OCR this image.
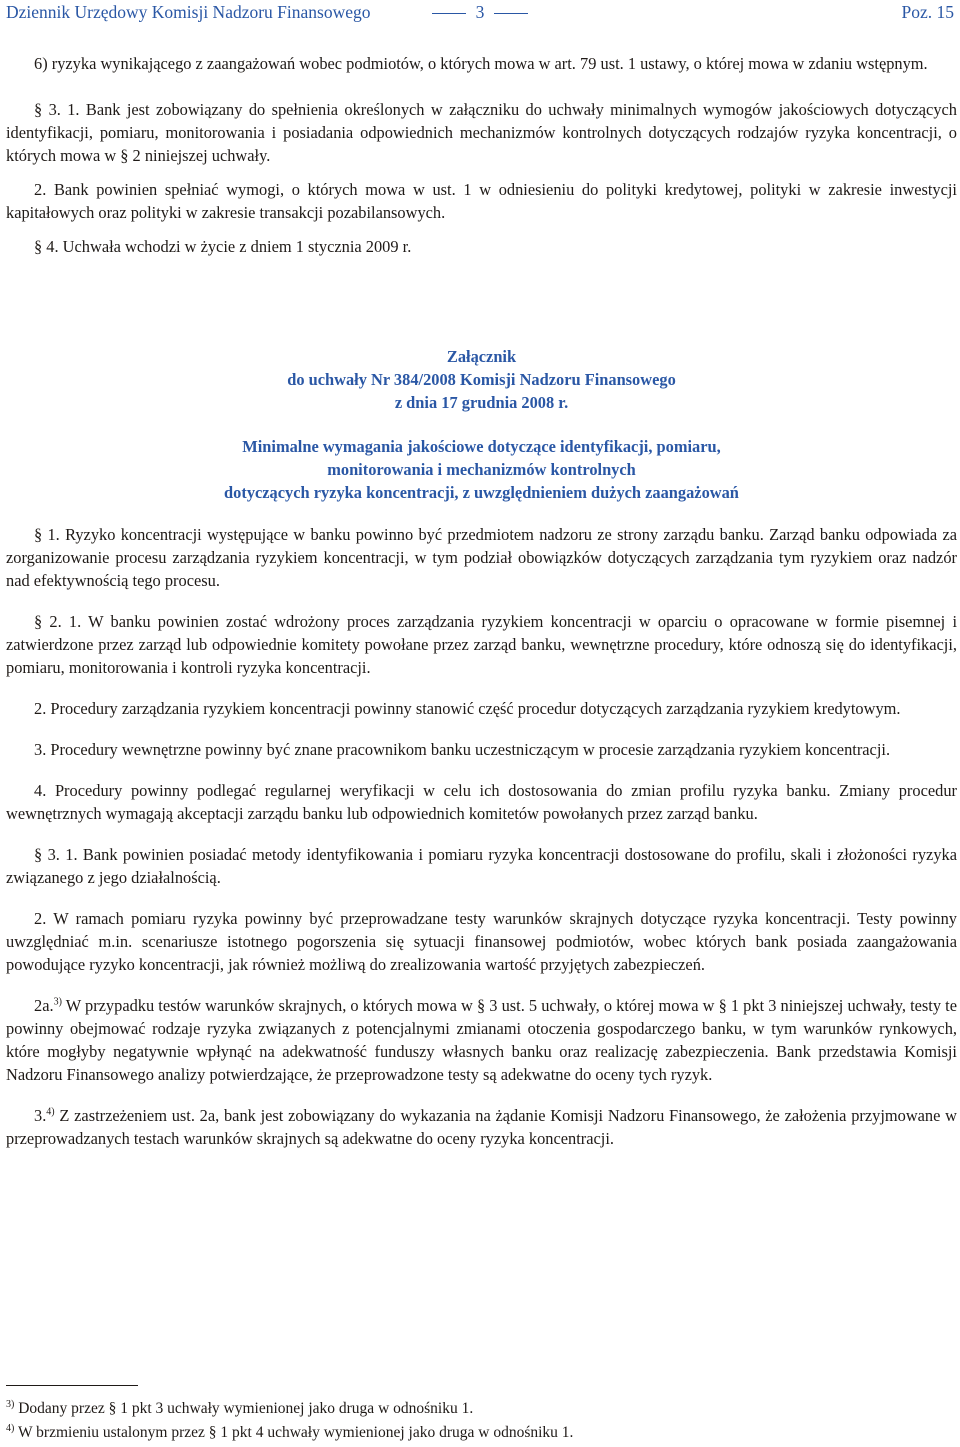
Dziennik Urzędowy Komisji Nadzoru Finansowego	3	Poz. 15

6) ryzyka wynikającego z zaangażowań wobec podmiotów, o których mowa w art. 79 ust. 1 ustawy, o której mowa w zdaniu wstępnym.

§ 3. 1. Bank jest zobowiązany do spełnienia określonych w załączniku do uchwały minimalnych wymogów jakościowych dotyczących identyfikacji, pomiaru, monitorowania i posiadania odpowiednich mechanizmów kontrolnych dotyczących rodzajów ryzyka koncentracji, o których mowa w § 2 niniejszej uchwały.

2. Bank powinien spełniać wymogi, o których mowa w ust. 1 w odniesieniu do polityki kredytowej, polityki w zakresie inwestycji kapitałowych oraz polityki w zakresie transakcji pozabilansowych.

§ 4. Uchwała wchodzi w życie z dniem 1 stycznia 2009 r.

Załącznik

do uchwały Nr 384/2008 Komisji Nadzoru Finansowego

z dnia 17 grudnia 2008 r.

Minimalne wymagania jakościowe dotyczące identyfikacji, pomiaru,

monitorowania i mechanizmów kontrolnych

dotyczących ryzyka koncentracji, z uwzględnieniem dużych zaangażowań

§ 1. Ryzyko koncentracji występujące w banku powinno być przedmiotem nadzoru ze strony zarządu banku. Zarząd banku odpowiada za zorganizowanie procesu zarządzania ryzykiem koncentracji, w tym podział obowiązków dotyczących zarządzania tym ryzykiem oraz nadzór nad efektywnością tego procesu.

§ 2. 1. W banku powinien zostać wdrożony proces zarządzania ryzykiem koncentracji w oparciu o opracowane w formie pisemnej i zatwierdzone przez zarząd lub odpowiednie komitety powołane przez zarząd banku, wewnętrzne procedury, które odnoszą się do identyfikacji, pomiaru, monitorowania i kontroli ryzyka koncentracji.

2. Procedury zarządzania ryzykiem koncentracji powinny stanowić część procedur dotyczących zarządzania ryzykiem kredytowym.

3. Procedury wewnętrzne powinny być znane pracownikom banku uczestniczącym w procesie zarządzania ryzykiem koncentracji.

4. Procedury powinny podlegać regularnej weryfikacji w celu ich dostosowania do zmian profilu ryzyka banku. Zmiany procedur wewnętrznych wymagają akceptacji zarządu banku lub odpowiednich komitetów powołanych przez zarząd banku.

§ 3. 1. Bank powinien posiadać metody identyfikowania i pomiaru ryzyka koncentracji dostosowane do profilu, skali i złożoności ryzyka związanego z jego działalnością.

2. W ramach pomiaru ryzyka powinny być przeprowadzane testy warunków skrajnych dotyczące ryzyka koncentracji. Testy powinny uwzględniać m.in. scenariusze istotnego pogorszenia się sytuacji finansowej podmiotów, wobec których bank posiada zaangażowania powodujące ryzyko koncentracji, jak również możliwą do zrealizowania wartość przyjętych zabezpieczeń.

2a.$^{3)}$ W przypadku testów warunków skrajnych, o których mowa w § 3 ust. 5 uchwały, o której mowa w § 1 pkt 3 niniejszej uchwały, testy te powinny obejmować rodzaje ryzyka związanych z potencjalnymi zmianami otoczenia gospodarczego banku, w tym warunków rynkowych, które mogłyby negatywnie wpłynąć na adekwatność funduszy własnych banku oraz realizację zabezpieczenia. Bank przedstawia Komisji Nadzoru Finansowego analizy potwierdzające, że przeprowadzone testy są adekwatne do oceny tych ryzyk.

3.$^{4)}$ Z zastrzeżeniem ust. 2a, bank jest zobowiązany do wykazania na żądanie Komisji Nadzoru Finansowego, że założenia przyjmowane w przeprowadzanych testach warunków skrajnych są adekwatne do oceny ryzyka koncentracji.

$^{3)}$ Dodany przez § 1 pkt 3 uchwały wymienionej jako druga w odnośniku 1.

$^{4)}$ W brzmieniu ustalonym przez § 1 pkt 4 uchwały wymienionej jako druga w odnośniku 1.
